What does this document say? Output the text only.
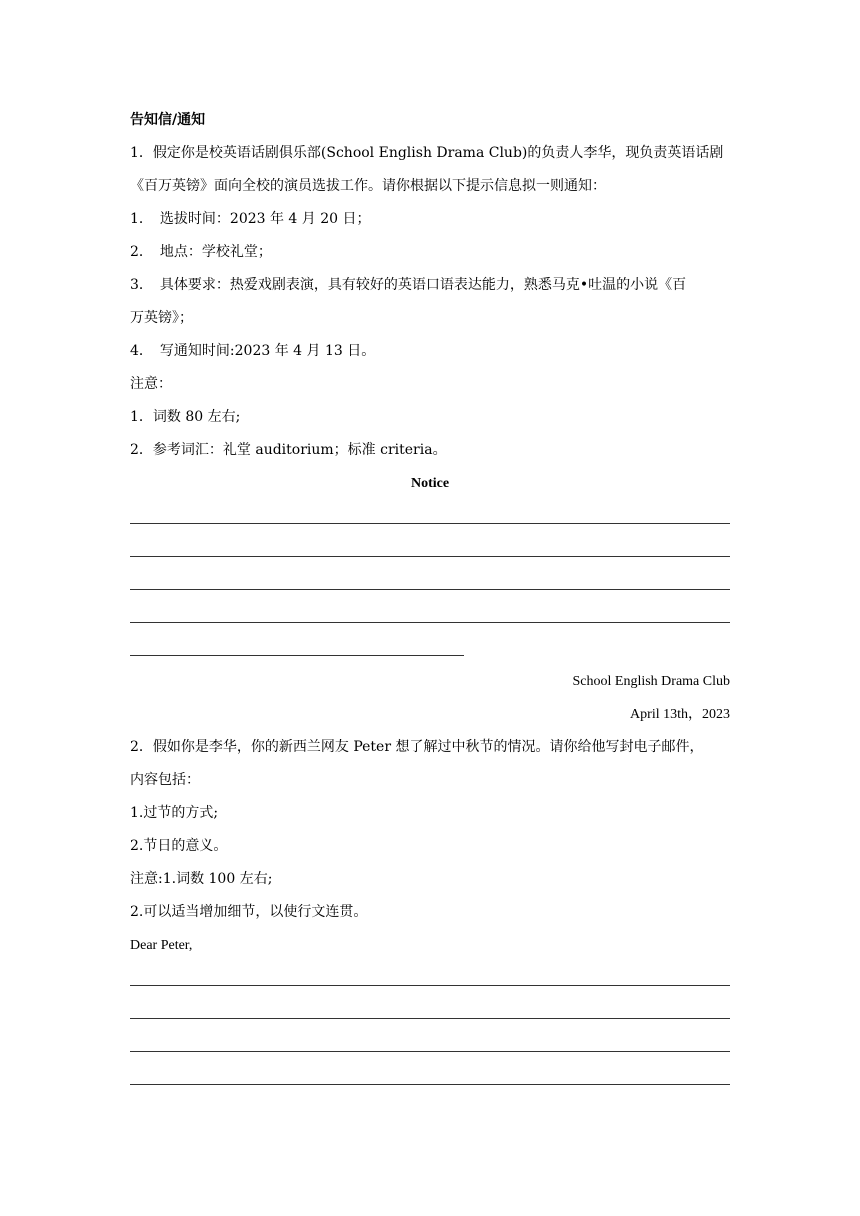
告知信/通知
1．假定你是校英语话剧俱乐部(School English Drama Club)的负责人李华，现负责英语话剧
《百万英镑》面向全校的演员选拔工作。请你根据以下提示信息拟一则通知：
1．　选拔时间：2023 年 4 月 20 日；
2．　地点：学校礼堂；
3．　具体要求：热爱戏剧表演，具有较好的英语口语表达能力，熟悉马克•吐温的小说《百
万英镑》；
4．　写通知时间:2023 年 4 月 13 日。
注意：
1．词数 80 左右;
2．参考词汇：礼堂 auditorium；标准 criteria。
Notice
School English Drama Club
April 13th，2023
2．假如你是李华，你的新西兰网友 Peter 想了解过中秋节的情况。请你给他写封电子邮件，
内容包括：
1.过节的方式;
2.节日的意义。
注意:1.词数 100 左右;
2.可以适当增加细节，以使行文连贯。
Dear Peter,
